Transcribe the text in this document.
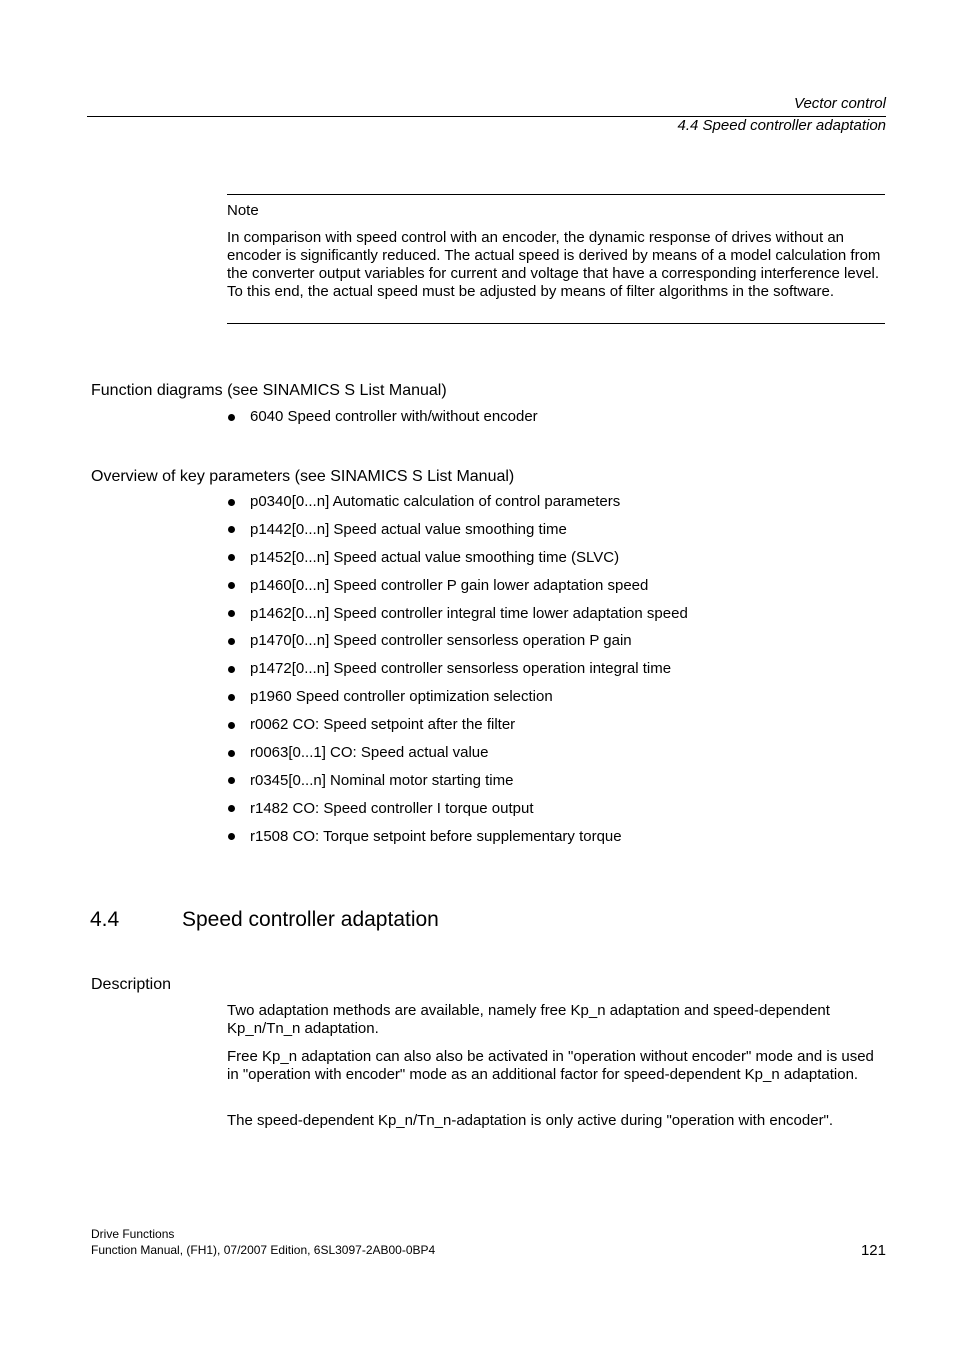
Vector control
4.4 Speed controller adaptation
Note
In comparison with speed control with an encoder, the dynamic response of drives without an encoder is significantly reduced. The actual speed is derived by means of a model calculation from the converter output variables for current and voltage that have a corresponding interference level. To this end, the actual speed must be adjusted by means of filter algorithms in the software.
Function diagrams (see SINAMICS S List Manual)
6040 Speed controller with/without encoder
Overview of key parameters (see SINAMICS S List Manual)
p0340[0...n] Automatic calculation of control parameters
p1442[0...n] Speed actual value smoothing time
p1452[0...n] Speed actual value smoothing time (SLVC)
p1460[0...n] Speed controller P gain lower adaptation speed
p1462[0...n] Speed controller integral time lower adaptation speed
p1470[0...n] Speed controller sensorless operation P gain
p1472[0...n] Speed controller sensorless operation integral time
p1960 Speed controller optimization selection
r0062 CO: Speed setpoint after the filter
r0063[0...1] CO: Speed actual value
r0345[0...n] Nominal motor starting time
r1482 CO: Speed controller I torque output
r1508 CO: Torque setpoint before supplementary torque
4.4	Speed controller adaptation
Description

Two adaptation methods are available, namely free Kp_n adaptation and speed-dependent Kp_n/Tn_n adaptation.

Free Kp_n adaptation can also also be activated in "operation without encoder" mode and is used in "operation with encoder" mode as an additional factor for speed-dependent Kp_n adaptation.

The speed-dependent Kp_n/Tn_n-adaptation is only active during "operation with encoder".

Drive Functions
Function Manual, (FH1), 07/2007 Edition, 6SL3097-2AB00-0BP4	121
